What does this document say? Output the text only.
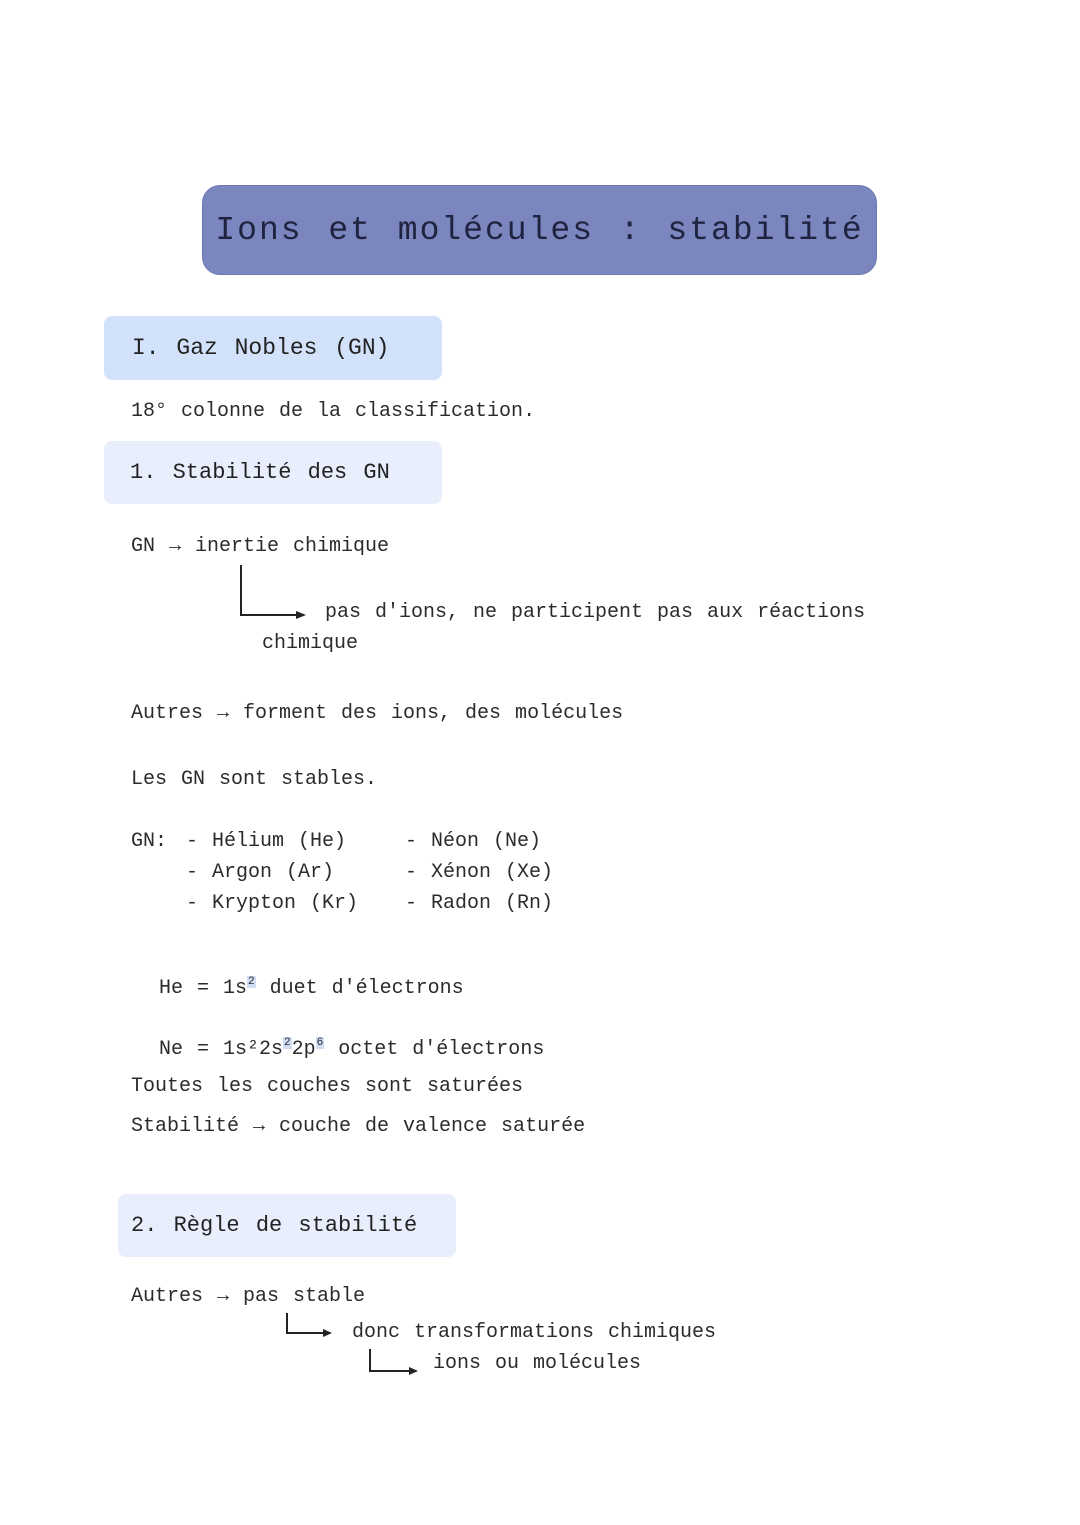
Ions et molécules : stabilité
I. Gaz Nobles (GN)
18° colonne de la classification.
1. Stabilité des GN
GN → inertie chimique
pas d'ions, ne participent pas aux réactions
chimique
Autres → forment des ions, des molécules
Les GN sont stables.
GN: - Hélium (He)
- Argon (Ar)
- Krypton (Kr)
- Néon (Ne)
- Xénon (Xe)
- Radon (Rn)

$He = 1s^2$ duet d'électrons

$Ne = 1s^22s^22p^6$ octet d'électrons

Toutes les couches sont saturées
Stabilité → couche de valence saturée
2. Règle de stabilité
Autres → pas stable
donc transformations chimiques
ions ou molécules
